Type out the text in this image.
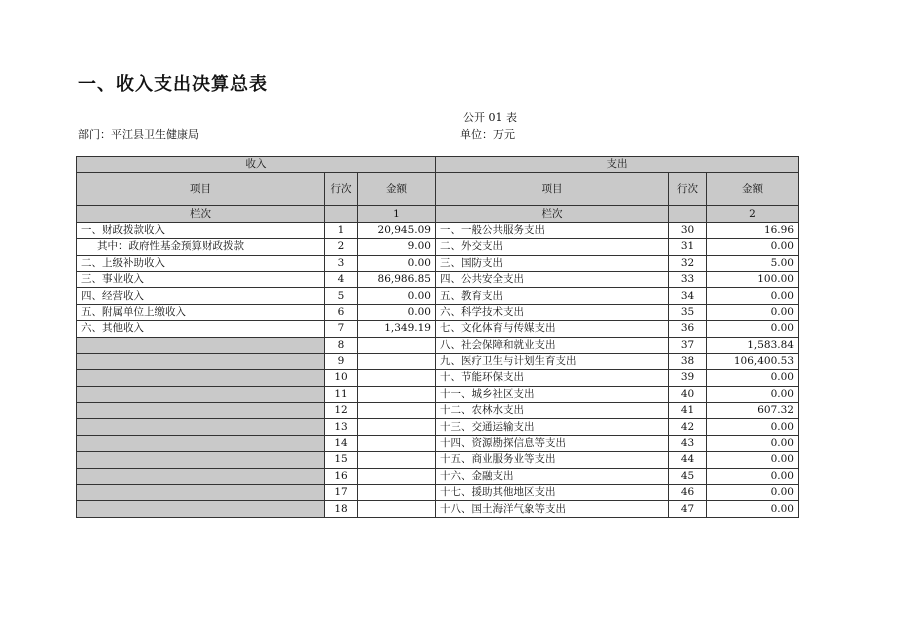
一、收入支出决算总表
公开 01 表
部门：平江县卫生健康局	单位：万元
收入			支出		
项目	行次	金额	项目	行次	金额
栏次		1	栏次		2
一、财政拨款收入	1	20,945.09	一、一般公共服务支出	30	16.96
其中：政府性基金预算财政拨款	2	9.00	二、外交支出	31	0.00
二、上级补助收入	3	0.00	三、国防支出	32	5.00
三、事业收入	4	86,986.85	四、公共安全支出	33	100.00
四、经营收入	5	0.00	五、教育支出	34	0.00
五、附属单位上缴收入	6	0.00	六、科学技术支出	35	0.00
六、其他收入	7	1,349.19	七、文化体育与传媒支出	36	0.00
	8		八、社会保障和就业支出	37	1,583.84
	9		九、医疗卫生与计划生育支出	38	106,400.53
	10		十、节能环保支出	39	0.00
	11		十一、城乡社区支出	40	0.00
	12		十二、农林水支出	41	607.32
	13		十三、交通运输支出	42	0.00
	14		十四、资源勘探信息等支出	43	0.00
	15		十五、商业服务业等支出	44	0.00
	16		十六、金融支出	45	0.00
	17		十七、援助其他地区支出	46	0.00
	18		十八、国土海洋气象等支出	47	0.00
